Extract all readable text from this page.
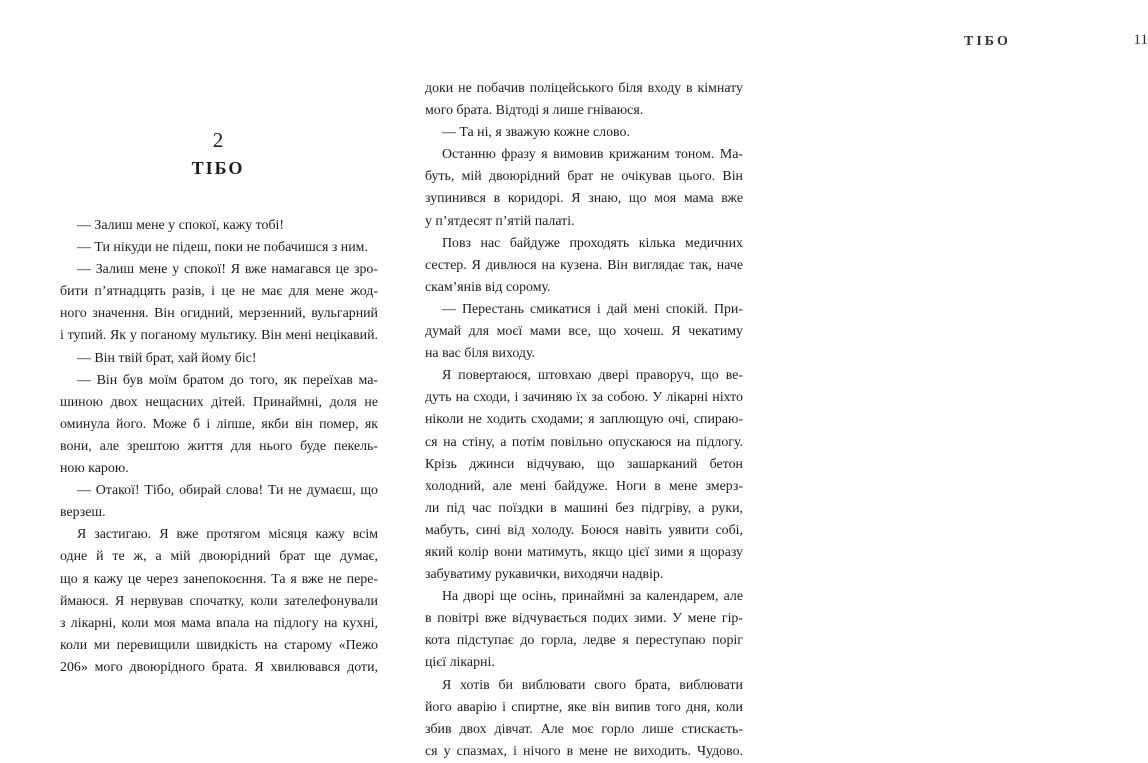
2
ТІБО
— Залиш мене у спокої, кажу тобі!
— Ти нікуди не підеш, поки не побачишся з ним.
— Залиш мене у спокої! Я вже намагався це зро-
бити п’ятнадцять разів, і це не має для мене жод-
ного значення. Він огидний, мерзенний, вульгарний
і тупий. Як у поганому мультику. Він мені нецікавий.
— Він твій брат, хай йому біс!
— Він був моїм братом до того, як переїхав ма-
шиною двох нещасних дітей. Принаймні, доля не
оминула його. Може б і ліпше, якби він помер, як
вони, але зрештою життя для нього буде пекель-
ною карою.
— Отакої! Тібо, обирай слова! Ти не думаєш, що
верзеш.
Я застигаю. Я вже протягом місяця кажу всім
одне й те ж, а мій двоюрідний брат ще думає,
що я кажу це через занепокоєння. Та я вже не пере-
ймаюся. Я нервував спочатку, коли зателефонували
з лікарні, коли моя мама впала на підлогу на кухні,
коли ми перевищили швидкість на старому «Пежо
206» мого двоюрідного брата. Я хвилювався доти,
ТІБО	11
доки не побачив поліцейського біля входу в кімнату
мого брата. Відтоді я лише гніваюся.
— Та ні, я зважую кожне слово.
Останню фразу я вимовив крижаним тоном. Ма-
буть, мій двоюрідний брат не очікував цього. Він
зупинився в коридорі. Я знаю, що моя мама вже
у п’ятдесят п’ятій палаті.
Повз нас байдуже проходять кілька медичних
сестер. Я дивлюся на кузена. Він виглядає так, наче
скам’янів від сорому.
— Перестань смикатися і дай мені спокій. При-
думай для моєї мами все, що хочеш. Я чекатиму
на вас біля виходу.
Я повертаюся, штовхаю двері праворуч, що ве-
дуть на сходи, і зачиняю їх за собою. У лікарні ніхто
ніколи не ходить сходами; я заплющую очі, спираю-
ся на стіну, а потім повільно опускаюся на підлогу.
Крізь джинси відчуваю, що зашарканий бетон
холодний, але мені байдуже. Ноги в мене змерз-
ли під час поїздки в машині без підгріву, а руки,
мабуть, сині від холоду. Боюся навіть уявити собі,
який колір вони матимуть, якщо цієї зими я щоразу
забуватиму рукавички, виходячи надвір.
На дворі ще осінь, принаймні за календарем, але
в повітрі вже відчувається подих зими. У мене гір-
кота підступає до горла, ледве я переступаю поріг
цієї лікарні.
Я хотів би виблювати свого брата, виблювати
його аварію і спиртне, яке він випив того дня, коли
збив двох дівчат. Але моє горло лише стискаєть-
ся у спазмах, і нічого в мене не виходить. Чудово.
